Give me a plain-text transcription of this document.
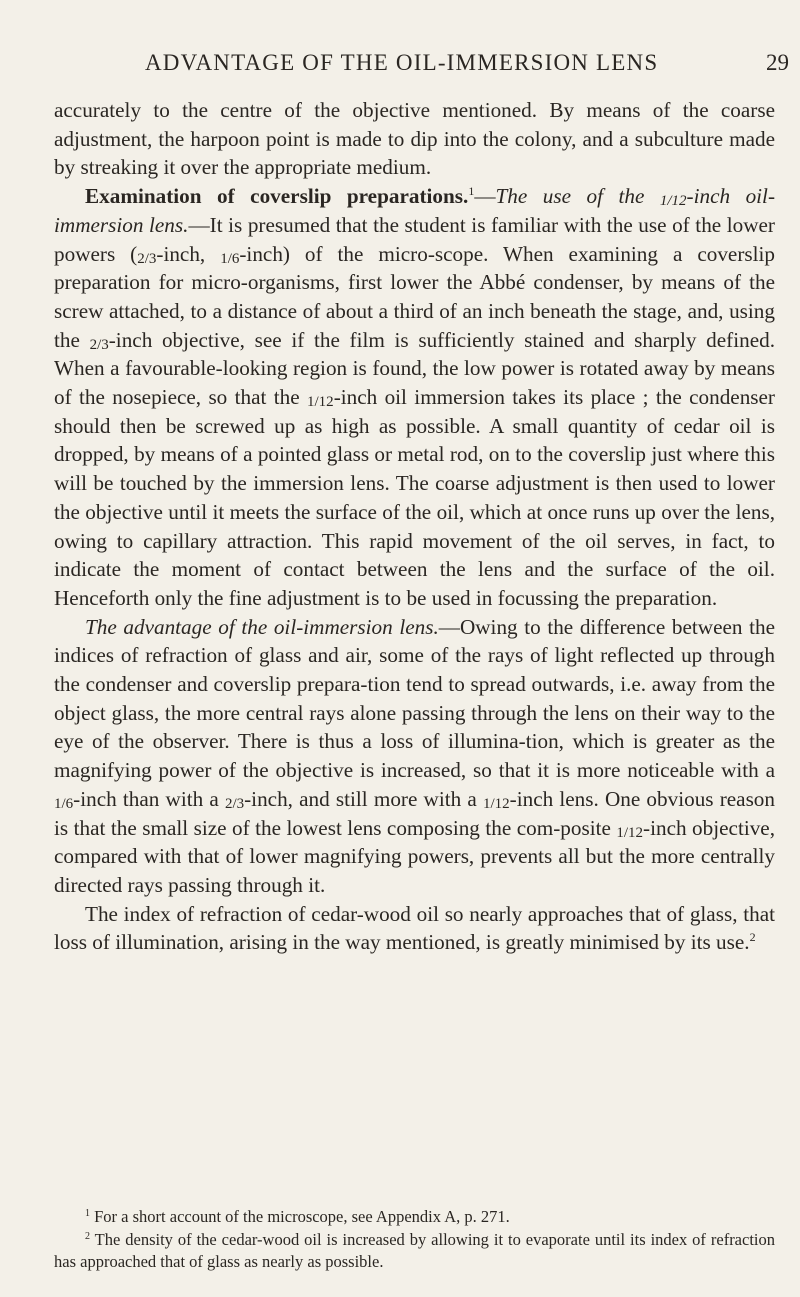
ADVANTAGE OF THE OIL-IMMERSION LENS	29

accurately to the centre of the objective mentioned. By means of the coarse adjustment, the harpoon point is made to dip into the colony, and a subculture made by streaking it over the appropriate medium.

Examination of coverslip preparations.$^1$—The use of the 1/12-inch oil-immersion lens.—It is presumed that the student is familiar with the use of the lower powers (2/3-inch, 1/6-inch) of the micro-scope. When examining a coverslip preparation for micro-organisms, first lower the Abbé condenser, by means of the screw attached, to a distance of about a third of an inch beneath the stage, and, using the 2/3-inch objective, see if the film is sufficiently stained and sharply defined. When a favourable-looking region is found, the low power is rotated away by means of the nosepiece, so that the 1/12-inch oil immersion takes its place ; the condenser should then be screwed up as high as possible. A small quantity of cedar oil is dropped, by means of a pointed glass or metal rod, on to the coverslip just where this will be touched by the immersion lens. The coarse adjustment is then used to lower the objective until it meets the surface of the oil, which at once runs up over the lens, owing to capillary attraction. This rapid movement of the oil serves, in fact, to indicate the moment of contact between the lens and the surface of the oil. Henceforth only the fine adjustment is to be used in focussing the preparation.

The advantage of the oil-immersion lens.—Owing to the difference between the indices of refraction of glass and air, some of the rays of light reflected up through the condenser and coverslip prepara-tion tend to spread outwards, i.e. away from the object glass, the more central rays alone passing through the lens on their way to the eye of the observer. There is thus a loss of illumina-tion, which is greater as the magnifying power of the objective is increased, so that it is more noticeable with a 1/6-inch than with a 2/3-inch, and still more with a 1/12-inch lens. One obvious reason is that the small size of the lowest lens composing the com-posite 1/12-inch objective, compared with that of lower magnifying powers, prevents all but the more centrally directed rays passing through it.

The index of refraction of cedar-wood oil so nearly approaches that of glass, that loss of illumination, arising in the way mentioned, is greatly minimised by its use.$^2$

$^1$ For a short account of the microscope, see Appendix A, p. 271.

$^2$ The density of the cedar-wood oil is increased by allowing it to evaporate until its index of refraction has approached that of glass as nearly as possible.
